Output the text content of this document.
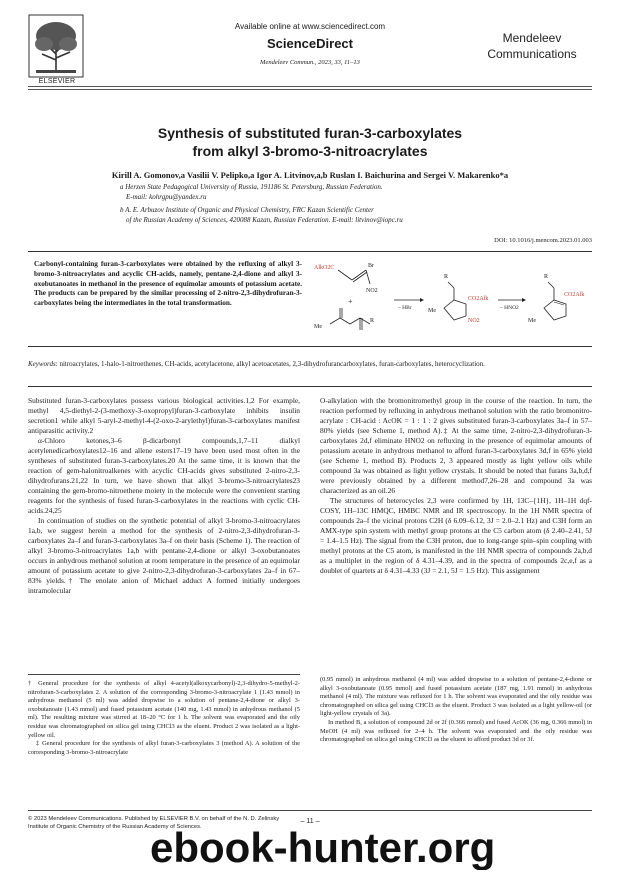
ELSEVIER
Available online at www.sciencedirect.com
ScienceDirect
Mendeleev Commun., 2023, 33, 11–13
Mendeleev
Communications
Synthesis of substituted furan-3-carboxylates
from alkyl 3-bromo-3-nitroacrylates
Kirill A. Gomonov,a Vasilii V. Pelipko,a Igor A. Litvinov,a,b Ruslan I. Baichurina and Sergei V. Makarenko*a
a Herzen State Pedagogical University of Russia, 191186 St. Petersburg, Russian Federation.
E-mail: kohrgpu@yandex.ru
b A. E. Arbuzov Institute of Organic and Physical Chemistry, FRC Kazan Scientific Center
of the Russian Academy of Sciences, 420088 Kazan, Russian Federation. E-mail: litvinov@iopc.ru
DOI: 10.1016/j.mencom.2023.01.003
Carbonyl-containing furan-3-carboxylates were obtained by the refluxing of alkyl 3-bromo-3-nitroacrylates and acyclic CH-acids, namely, pentane-2,4-dione and alkyl 3-oxobutanoates in methanol in the presence of equimolar amounts of potassium acetate. The products can be prepared by the similar processing of 2-nitro-2,3-dihydrofuran-3-carboxylates being the intermediates in the total transformation.
AlkO2C	Br
NO2
+
Me
R
– HBr
R
CO2Alk
NO2
Me	– HNO2
R
CO2Alk
Me
Keywords: nitroacrylates, 1-halo-1-nitroethenes, CH-acids, acetylacetone, alkyl acetoacetates, 2,3-dihydrofurancarboxylates, furan-carboxylates, heterocyclization.

Substituted furan-3-carboxylates possess various biological activities.1,2 For example, methyl 4,5-diethyl-2-(3-methoxy-3-oxopropyl)furan-3-carboxylate inhibits insulin secretion1 while alkyl 5-aryl-2-methyl-4-(2-oxo-2-arylethyl)furan-3-carboxylates manifest antiparasitic activity.2

α-Chloro ketones,3–6 β-dicarbonyl compounds,1,7–11 dialkyl acetylenedicarboxylates12–16 and allene esters17–19 have been used most often in the syntheses of substituted furan-3-carboxylates.20 At the same time, it is known that the reaction of gem-halonitroalkenes with acyclic CH-acids gives substituted 2-nitro-2,3-dihydrofurans.21,22 In turn, we have shown that alkyl 3-bromo-3-nitroacrylates23 containing the gem-bromo-nitroethene moiety in the molecule were the convenient starting reagents for the synthesis of fused furan-3-carboxylates in the reactions with cyclic CH-acids.24,25

In continuation of studies on the synthetic potential of alkyl 3-bromo-3-nitroacrylates 1a,b, we suggest herein a method for the synthesis of 2-nitro-2,3-dihydrofuran-3-carboxylates 2a–f and furan-3-carboxylates 3a–f on their basis (Scheme 1). The reaction of alkyl 3-bromo-3-nitroacrylates 1a,b with pentane-2,4-dione or alkyl 3-oxobutanoates occurs in anhydrous methanol solution at room temperature in the presence of an equimolar amount of potassium acetate to give 2-nitro-2,3-dihydrofuran-3-carboxylates 2a–f in 67–83% yields.† The enolate anion of Michael adduct A formed initially undergoes intramolecular

O-alkylation with the bromonitromethyl group in the course of the reaction. In turn, the reaction performed by refluxing in anhydrous methanol solution with the ratio bromonitro-acrylate : CH-acid : AcOK = 1 : 1 : 2 gives substituted furan-3-carboxylates 3a–f in 57–80% yields (see Scheme 1, method A).‡ At the same time, 2-nitro-2,3-dihydrofuran-3-carboxylates 2d,f eliminate HNO2 on refluxing in the presence of equimolar amounts of potassium acetate in anhydrous methanol to afford furan-3-carboxylates 3d,f in 65% yield (see Scheme 1, method B). Products 2, 3 appeared mostly as light yellow oils while compound 3a was obtained as light yellow crystals. It should be noted that furans 3a,b,d,f were previously obtained by a different method7,26–28 and compound 3a was characterized as an oil.26

The structures of heterocycles 2,3 were confirmed by 1H, 13C–{1H}, 1H–1H dqf-COSY, 1H–13C HMQC, HMBC NMR and IR spectroscopy. In the 1H NMR spectra of compounds 2a–f the vicinal protons C2H (δ 6.09–6.12, 3J = 2.0–2.1 Hz) and C3H form an AMX-type spin system with methyl group protons at the C5 carbon atom (δ 2.40–2.41, 5J = 1.4–1.5 Hz). The signal from the C3H proton, due to long-range spin–spin coupling with methyl protons at the C5 atom, is manifested in the 1H NMR spectra of compounds 2a,b,d as a multiplet in the region of δ 4.31–4.39, and in the spectra of compounds 2c,e,f as a doublet of quartets at δ 4.31–4.33 (3J = 2.1, 5J = 1.5 Hz). This assignment

† General procedure for the synthesis of alkyl 4-acetyl(alkoxycarbonyl)-2,3-dihydro-5-methyl-2-nitrofuran-3-carboxylates 2. A solution of the corresponding 3-bromo-3-nitroacrylate 1 (1.43 mmol) in anhydrous methanol (5 ml) was added dropwise to a solution of pentane-2,4-dione or alkyl 3-oxobutanoate (1.43 mmol) and fused potassium acetate (140 mg, 1.43 mmol) in anhydrous methanol (5 ml). The resulting mixture was stirred at 18–20 °C for 1 h. The solvent was evaporated and the oily residue was chromatographed on silica gel using CHCl3 as the eluent. Product 2 was isolated as a light-yellow oil.

‡ General procedure for the synthesis of alkyl furan-3-carboxylates 3 (method A). A solution of the corresponding 3-bromo-3-nitroacrylate

(0.95 mmol) in anhydrous methanol (4 ml) was added dropwise to a solution of pentane-2,4-dione or alkyl 3-oxobutanoate (0.95 mmol) and fused potassium acetate (187 mg, 1.91 mmol) in anhydrous methanol (4 ml). The mixture was refluxed for 1 h. The solvent was evaporated and the oily residue was chromatographed on silica gel using CHCl3 as the eluent. Product 3 was isolated as a light yellow-oil (or light-yellow crystals of 3a).

In method B, a solution of compound 2d or 2f (0.366 mmol) and fused AcOK (36 mg, 0.366 mmol) in MeOH (4 ml) was refluxed for 2–4 h. The solvent was evaporated and the oily residue was chromatographed on silica gel using CHCl3 as the eluent to afford product 3d or 3f.

© 2023 Mendeleev Communications. Published by ELSEVIER B.V. on behalf of the N. D. Zelinsky Institute of Organic Chemistry of the Russian Academy of Sciences.
– 11 –
ebook-hunter.org
